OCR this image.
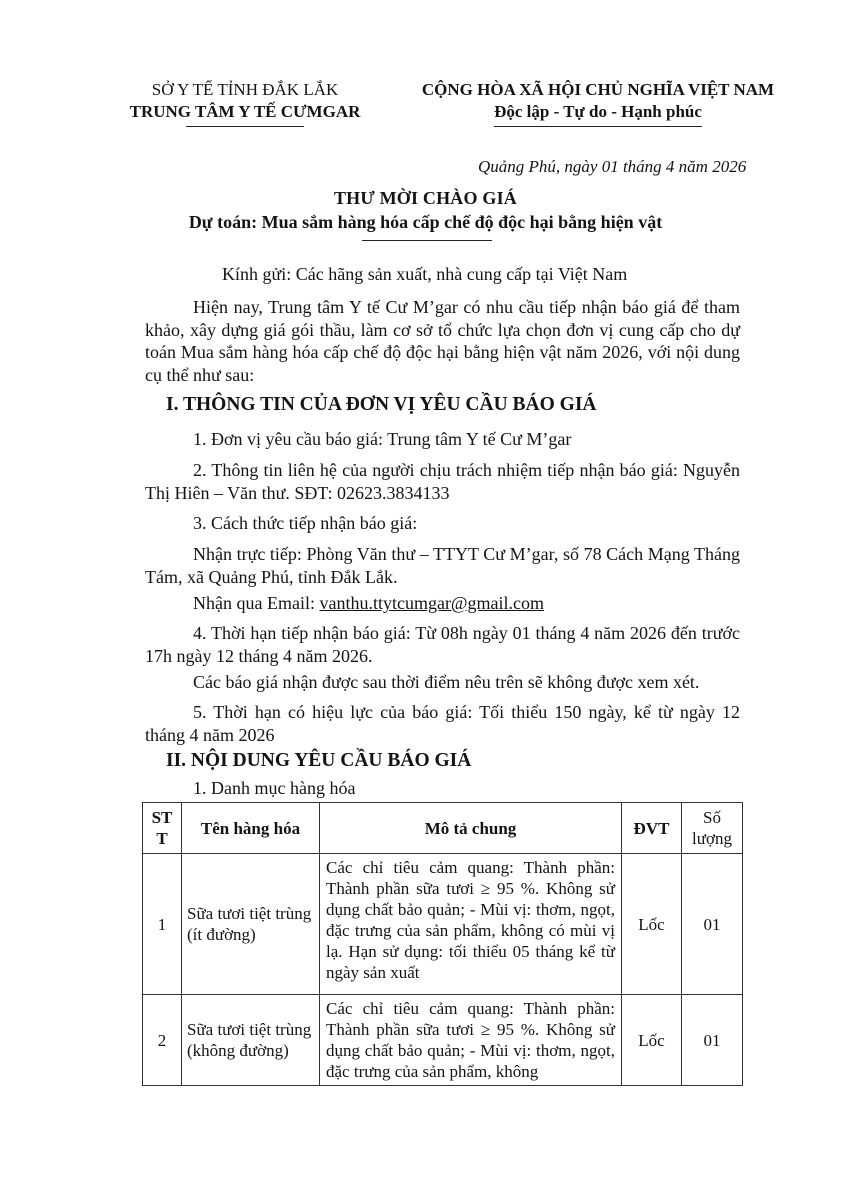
SỞ Y TẾ TỈNH ĐẮK LẮK
TRUNG TÂM Y TẾ CƯMGAR
CỘNG HÒA XÃ HỘI CHỦ NGHĨA VIỆT NAM
Độc lập - Tự do - Hạnh phúc
Quảng Phú, ngày 01 tháng 4 năm 2026
THƯ MỜI CHÀO GIÁ
Dự toán: Mua sắm hàng hóa cấp chế độ độc hại bằng hiện vật
Kính gửi: Các hãng sản xuất, nhà cung cấp tại Việt Nam
Hiện nay, Trung tâm Y tế Cư M’gar có nhu cầu tiếp nhận báo giá để tham khảo, xây dựng giá gói thầu, làm cơ sở tổ chức lựa chọn đơn vị cung cấp cho dự toán Mua sắm hàng hóa cấp chế độ độc hại bằng hiện vật năm 2026, với nội dung cụ thể như sau:
I. THÔNG TIN CỦA ĐƠN VỊ YÊU CẦU BÁO GIÁ
1. Đơn vị yêu cầu báo giá: Trung tâm Y tế Cư M’gar
2. Thông tin liên hệ của người chịu trách nhiệm tiếp nhận báo giá: Nguyễn Thị Hiên – Văn thư. SĐT: 02623.3834133
3. Cách thức tiếp nhận báo giá:
Nhận trực tiếp: Phòng Văn thư – TTYT Cư M’gar, số 78 Cách Mạng Tháng Tám, xã Quảng Phú, tỉnh Đắk Lắk.
Nhận qua Email: vanthu.ttytcumgar@gmail.com
4. Thời hạn tiếp nhận báo giá: Từ 08h ngày 01 tháng 4 năm 2026 đến trước 17h ngày 12 tháng 4 năm 2026.
Các báo giá nhận được sau thời điểm nêu trên sẽ không được xem xét.
5. Thời hạn có hiệu lực của báo giá: Tối thiểu 150 ngày, kể từ ngày 12 tháng 4 năm 2026
II. NỘI DUNG YÊU CẦU BÁO GIÁ
1. Danh mục hàng hóa
ST T	Tên hàng hóa	Mô tả chung	ĐVT	Số lượng
1	Sữa tươi tiệt trùng (ít đường)	Các chỉ tiêu cảm quang: Thành phần: Thành phần sữa tươi ≥ 95 %. Không sử dụng chất bảo quản; - Mùi vị: thơm, ngọt, đặc trưng của sản phẩm, không có mùi vị lạ. Hạn sử dụng: tối thiểu 05 tháng kể từ ngày sản xuất	Lốc	01
2	Sữa tươi tiệt trùng (không đường)	Các chỉ tiêu cảm quang: Thành phần: Thành phần sữa tươi ≥ 95 %. Không sử dụng chất bảo quản; - Mùi vị: thơm, ngọt, đặc trưng của sản phẩm, không	Lốc	01
